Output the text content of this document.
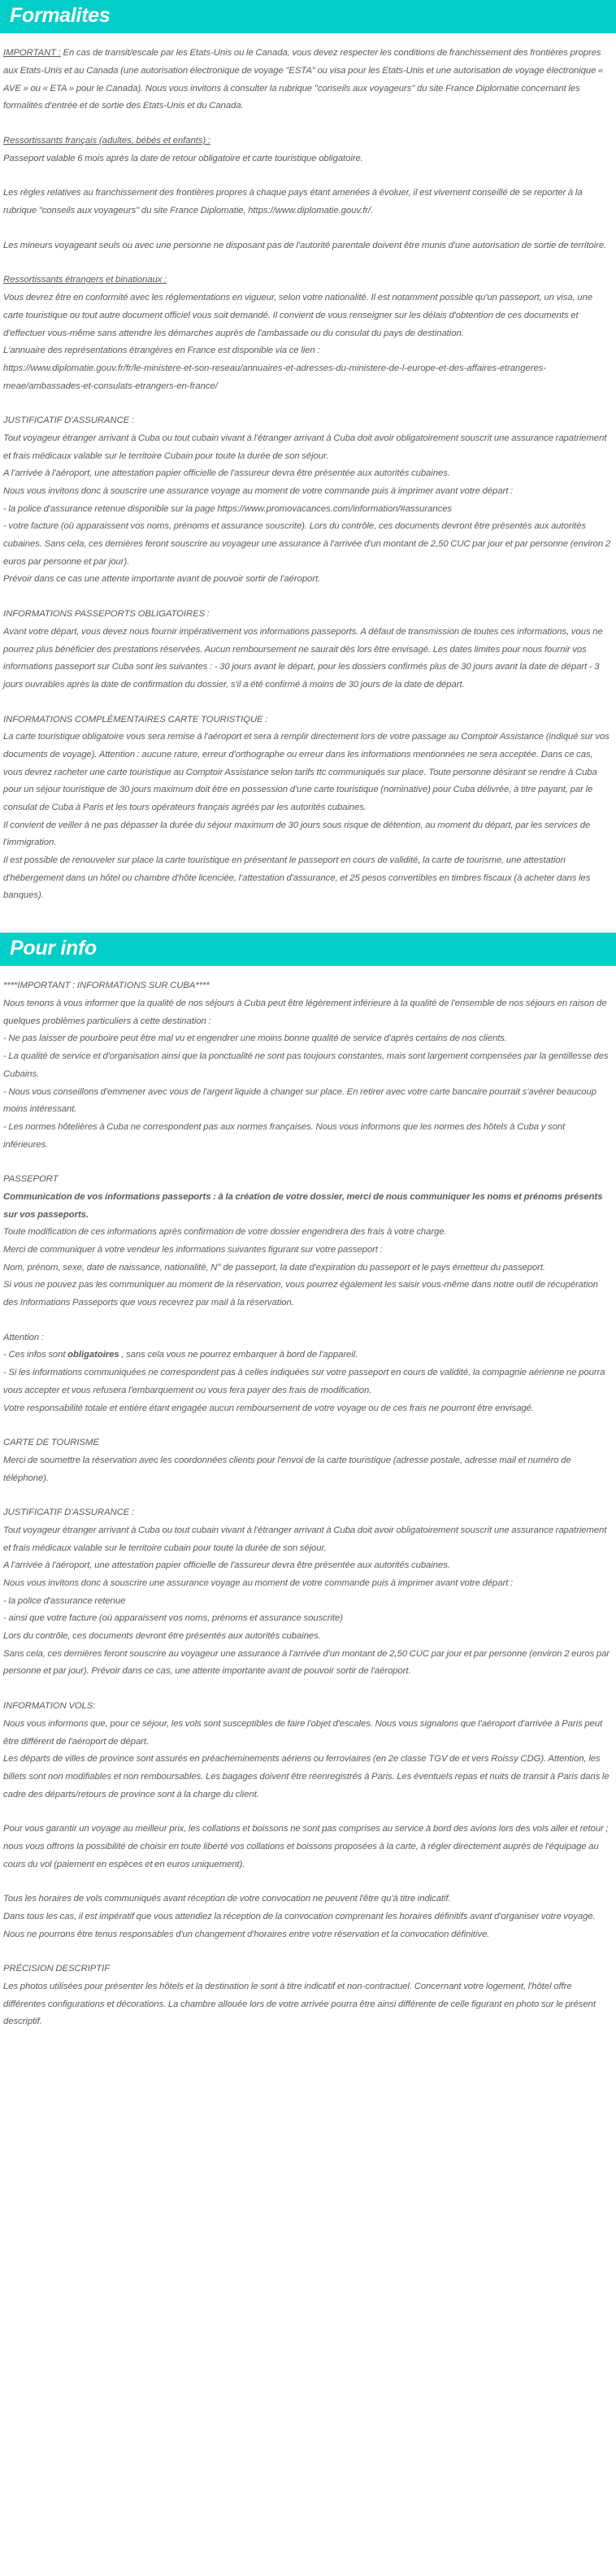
Formalites

IMPORTANT : En cas de transit/escale par les Etats-Unis ou le Canada, vous devez respecter les conditions de franchissement des frontières propres aux Etats-Unis et au Canada (une autorisation électronique de voyage "ESTA" ou visa pour les Etats-Unis et une autorisation de voyage électronique « AVE » ou « ETA » pour le Canada). Nous vous invitons à consulter la rubrique "conseils aux voyageurs" du site France Diplomatie concernant les formalités d'entrée et de sortie des Etats-Unis et du Canada.

Ressortissants français (adultes, bébés et enfants) :

Passeport valable 6 mois après la date de retour obligatoire et carte touristique obligatoire.

Les règles relatives au franchissement des frontières propres à chaque pays étant amenées à évoluer, il est vivement conseillé de se reporter à la rubrique "conseils aux voyageurs" du site France Diplomatie, https://www.diplomatie.gouv.fr/.

Les mineurs voyageant seuls ou avec une personne ne disposant pas de l'autorité parentale doivent être munis d'une autorisation de sortie de territoire.

Ressortissants étrangers et binationaux :

Vous devrez être en conformité avec les réglementations en vigueur, selon votre nationalité. Il est notamment possible qu'un passeport, un visa, une carte touristique ou tout autre document officiel vous soit demandé. Il convient de vous renseigner sur les délais d'obtention de ces documents et d'effectuer vous-même sans attendre les démarches auprès de l'ambassade ou du consulat du pays de destination.

L'annuaire des représentations étrangères en France est disponible via ce lien :

https://www.diplomatie.gouv.fr/fr/le-ministere-et-son-reseau/annuaires-et-adresses-du-ministere-de-l-europe-et-des-affaires-etrangeres-meae/ambassades-et-consulats-etrangers-en-france/

JUSTIFICATIF D'ASSURANCE :

Tout voyageur étranger arrivant à Cuba ou tout cubain vivant à l'étranger arrivant à Cuba doit avoir obligatoirement souscrit une assurance rapatriement et frais médicaux valable sur le territoire Cubain pour toute la durée de son séjour.

A l'arrivée à l'aéroport, une attestation papier officielle de l'assureur devra être présentée aux autorités cubaines.

Nous vous invitons donc à souscrire une assurance voyage au moment de votre commande puis à imprimer avant votre départ :

- la police d'assurance retenue disponible sur la page https://www.promovacances.com/information/#assurances

- votre facture (où apparaissent vos noms, prénoms et assurance souscrite). Lors du contrôle, ces documents devront être présentés aux autorités cubaines. Sans cela, ces dernières feront souscrire au voyageur une assurance à l'arrivée d'un montant de 2,50 CUC par jour et par personne (environ 2 euros par personne et par jour).

Prévoir dans ce cas une attente importante avant de pouvoir sortir de l'aéroport.

INFORMATIONS PASSEPORTS OBLIGATOIRES :

Avant votre départ, vous devez nous fournir impérativement vos informations passeports. A défaut de transmission de toutes ces informations, vous ne pourrez plus bénéficier des prestations réservées. Aucun remboursement ne saurait dès lors être envisagé. Les dates limites pour nous fournir vos informations passeport sur Cuba sont les suivantes : - 30 jours avant le départ, pour les dossiers confirmés plus de 30 jours avant la date de départ - 3 jours ouvrables après la date de confirmation du dossier, s'il a été confirmé à moins de 30 jours de la date de départ.

INFORMATIONS COMPLÉMENTAIRES CARTE TOURISTIQUE :

La carte touristique obligatoire vous sera remise à l'aéroport et sera à remplir directement lors de votre passage au Comptoir Assistance (indiqué sur vos documents de voyage). Attention : aucune rature, erreur d'orthographe ou erreur dans les informations mentionnées ne sera acceptée. Dans ce cas, vous devrez racheter une carte touristique au Comptoir Assistance selon tarifs ttc communiqués sur place. Toute personne désirant se rendre à Cuba pour un séjour touristique de 30 jours maximum doit être en possession d'une carte touristique (nominative) pour Cuba délivrée, à titre payant, par le consulat de Cuba à Paris et les tours opérateurs français agréés par les autorités cubaines.

Il convient de veiller à ne pas dépasser la durée du séjour maximum de 30 jours sous risque de détention, au moment du départ, par les services de l'immigration.

Il est possible de renouveler sur place la carte touristique en présentant le passeport en cours de validité, la carte de tourisme, une attestation d'hébergement dans un hôtel ou chambre d'hôte licenciée, l'attestation d'assurance, et 25 pesos convertibles en timbres fiscaux (à acheter dans les banques).

Pour info

****IMPORTANT : INFORMATIONS SUR CUBA****

Nous tenons à vous informer que la qualité de nos séjours à Cuba peut être légèrement inférieure à la qualité de l'ensemble de nos séjours en raison de quelques problèmes particuliers à cette destination :

- Ne pas laisser de pourboire peut être mal vu et engendrer une moins bonne qualité de service d'après certains de nos clients.

- La qualité de service et d'organisation ainsi que la ponctualité ne sont pas toujours constantes, mais sont largement compensées par la gentillesse des Cubains.

- Nous vous conseillons d'emmener avec vous de l'argent liquide à changer sur place. En retirer avec votre carte bancaire pourrait s'avérer beaucoup moins intéressant.

- Les normes hôtelières à Cuba ne correspondent pas aux normes françaises. Nous vous informons que les normes des hôtels à Cuba y sont inférieures.

PASSEPORT

Communication de vos informations passeports : à la création de votre dossier, merci de nous communiquer les noms et prénoms présents sur vos passeports.

Toute modification de ces informations après confirmation de votre dossier engendrera des frais à votre charge.

Merci de communiquer à votre vendeur les informations suivantes figurant sur votre passeport :

Nom, prénom, sexe, date de naissance, nationalité, N° de passeport, la date d'expiration du passeport et le pays émetteur du passeport.

Si vous ne pouvez pas les communiquer au moment de la réservation, vous pourrez également les saisir vous-même dans notre outil de récupération des Informations Passeports que vous recevrez par mail à la réservation.

Attention :

- Ces infos sont obligatoires , sans cela vous ne pourrez embarquer à bord de l'appareil.

- Si les informations communiquées ne correspondent pas à celles indiquées sur votre passeport en cours de validité, la compagnie aérienne ne pourra vous accepter et vous refusera l'embarquement ou vous fera payer des frais de modification.

Votre responsabilité totale et entière étant engagée aucun remboursement de votre voyage ou de ces frais ne pourront être envisagé.

CARTE DE TOURISME

Merci de soumettre la réservation avec les coordonnées clients pour l'envoi de la carte touristique (adresse postale, adresse mail et numéro de téléphone).

JUSTIFICATIF D'ASSURANCE :

Tout voyageur étranger arrivant à Cuba ou tout cubain vivant à l'étranger arrivant à Cuba doit avoir obligatoirement souscrit une assurance rapatriement et frais médicaux valable sur le territoire cubain pour toute la durée de son séjour.

A l'arrivée à l'aéroport, une attestation papier officielle de l'assureur devra être présentée aux autorités cubaines.

Nous vous invitons donc à souscrire une assurance voyage au moment de votre commande puis à imprimer avant votre départ :

- la police d'assurance retenue

- ainsi que votre facture (où apparaissent vos noms, prénoms et assurance souscrite)

Lors du contrôle, ces documents devront être présentés aux autorités cubaines.

Sans cela, ces dernières feront souscrire au voyageur une assurance à l'arrivée d'un montant de 2,50 CUC par jour et par personne (environ 2 euros par personne et par jour). Prévoir dans ce cas, une attente importante avant de pouvoir sortir de l'aéroport.

INFORMATION VOLS:

Nous vous informons que, pour ce séjour, les vols sont susceptibles de faire l'objet d'escales. Nous vous signalons que l'aéroport d'arrivée à Paris peut être différent de l'aéroport de départ.

Les départs de villes de province sont assurés en préacheminements aériens ou ferroviaires (en 2e classe TGV de et vers Roissy CDG). Attention, les billets sont non modifiables et non remboursables. Les bagages doivent être réenregistrés à Paris. Les éventuels repas et nuits de transit à Paris dans le cadre des départs/retours de province sont à la charge du client.

Pour vous garantir un voyage au meilleur prix, les collations et boissons ne sont pas comprises au service à bord des avions lors des vols aller et retour ; nous vous offrons la possibilité de choisir en toute liberté vos collations et boissons proposées à la carte, à régler directement auprès de l'équipage au cours du vol (paiement en espèces et en euros uniquement).

Tous les horaires de vols communiqués avant réception de votre convocation ne peuvent l'être qu'à titre indicatif.

Dans tous les cas, il est impératif que vous attendiez la réception de la convocation comprenant les horaires définitifs avant d'organiser votre voyage.

Nous ne pourrons être tenus responsables d'un changement d'horaires entre votre réservation et la convocation définitive.

PRÉCISION DESCRIPTIF

Les photos utilisées pour présenter les hôtels et la destination le sont à titre indicatif et non-contractuel. Concernant votre logement, l'hôtel offre différentes configurations et décorations. La chambre allouée lors de votre arrivée pourra être ainsi différente de celle figurant en photo sur le présent descriptif.
